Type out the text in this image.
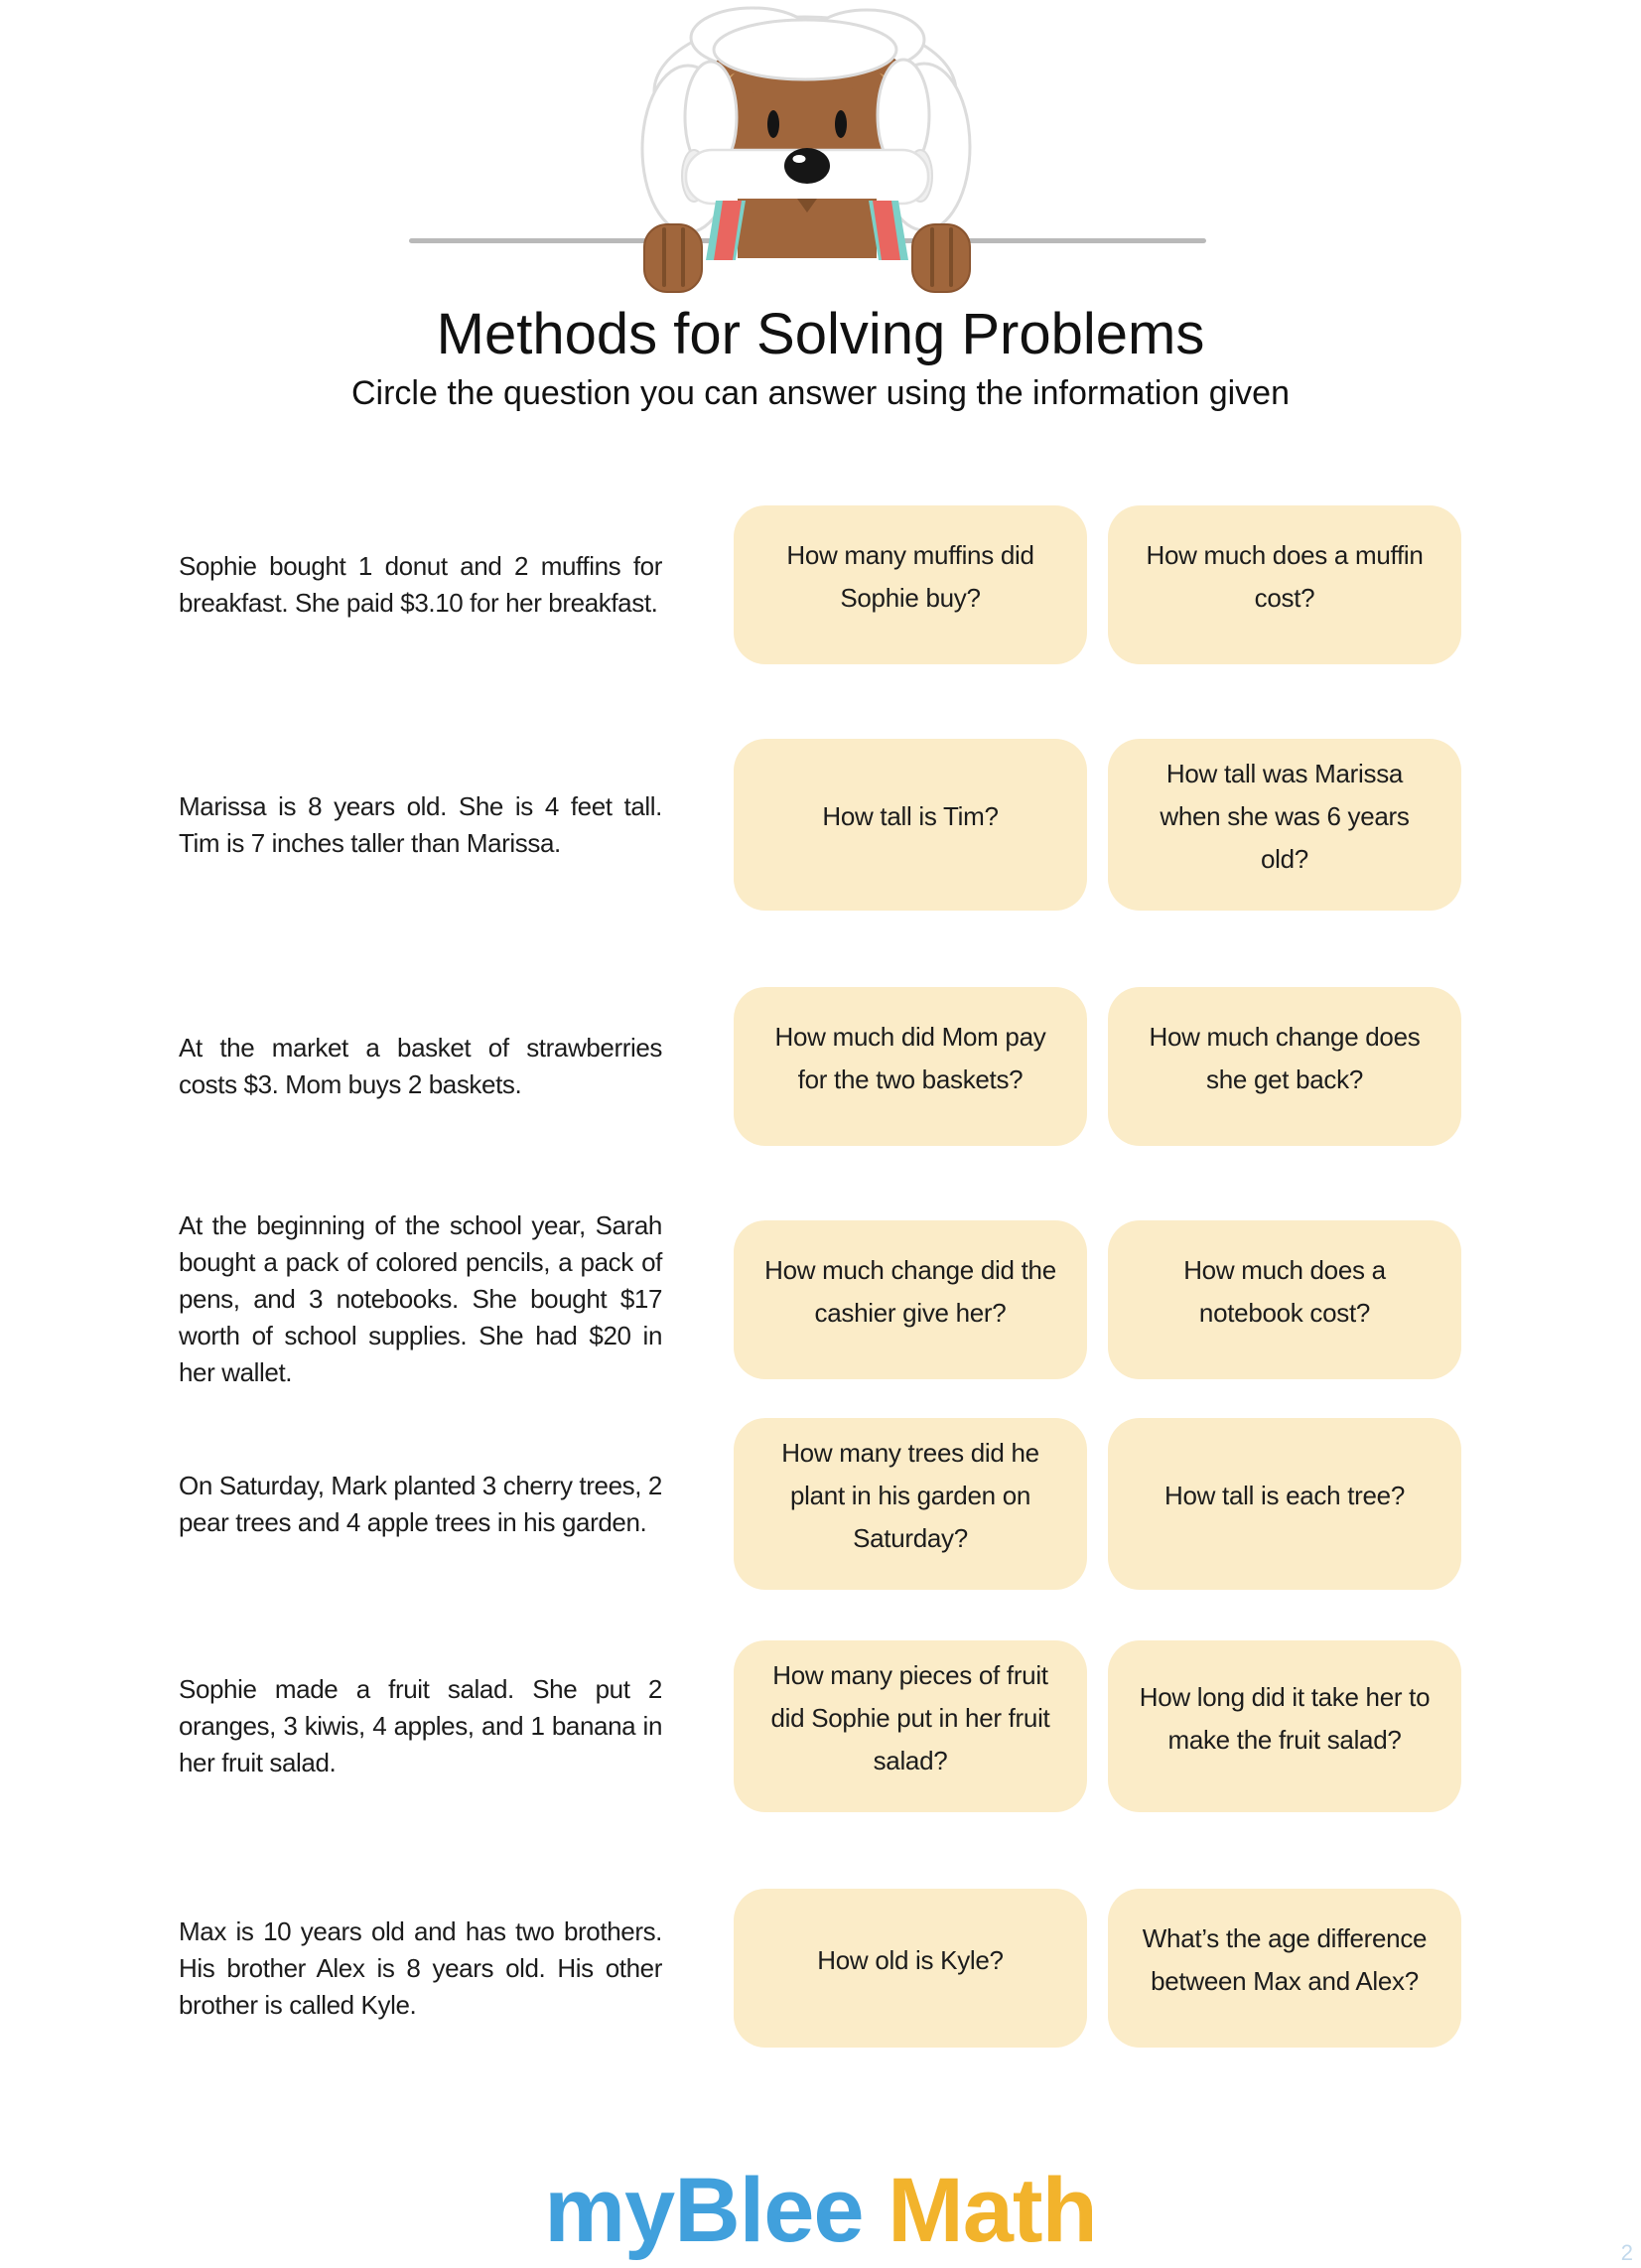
Methods for Solving Problems
Circle the question you can answer using the information given
Sophie bought 1 donut and 2 muffins for breakfast. She paid $3.10 for her breakfast.
How many muffins did Sophie buy?
How much does a muffin cost?
Marissa is 8 years old. She is 4 feet tall. Tim is 7 inches taller than Marissa.
How tall is Tim?
How tall was Marissa when she was 6 years old?
At the market a basket of strawberries costs $3. Mom buys 2 baskets.
How much did Mom pay for the two baskets?
How much change does she get back?
At the beginning of the school year, Sarah bought a pack of colored pencils, a pack of pens, and 3 notebooks. She bought $17 worth of school supplies. She had $20 in her wallet.
How much change did the cashier give her?
How much does a notebook cost?
On Saturday, Mark planted 3 cherry trees, 2 pear trees and 4 apple trees in his garden.
How many trees did he plant in his garden on Saturday?
How tall is each tree?
Sophie made a fruit salad. She put 2 oranges, 3 kiwis, 4 apples, and 1 banana in her fruit salad.
How many pieces of fruit did Sophie put in her fruit salad?
How long did it take her to make the fruit salad?
Max is 10 years old and has two brothers. His brother Alex is 8 years old. His other brother is called Kyle.
How old is Kyle?
What’s the age difference between Max and Alex?
myBlee Math	2
